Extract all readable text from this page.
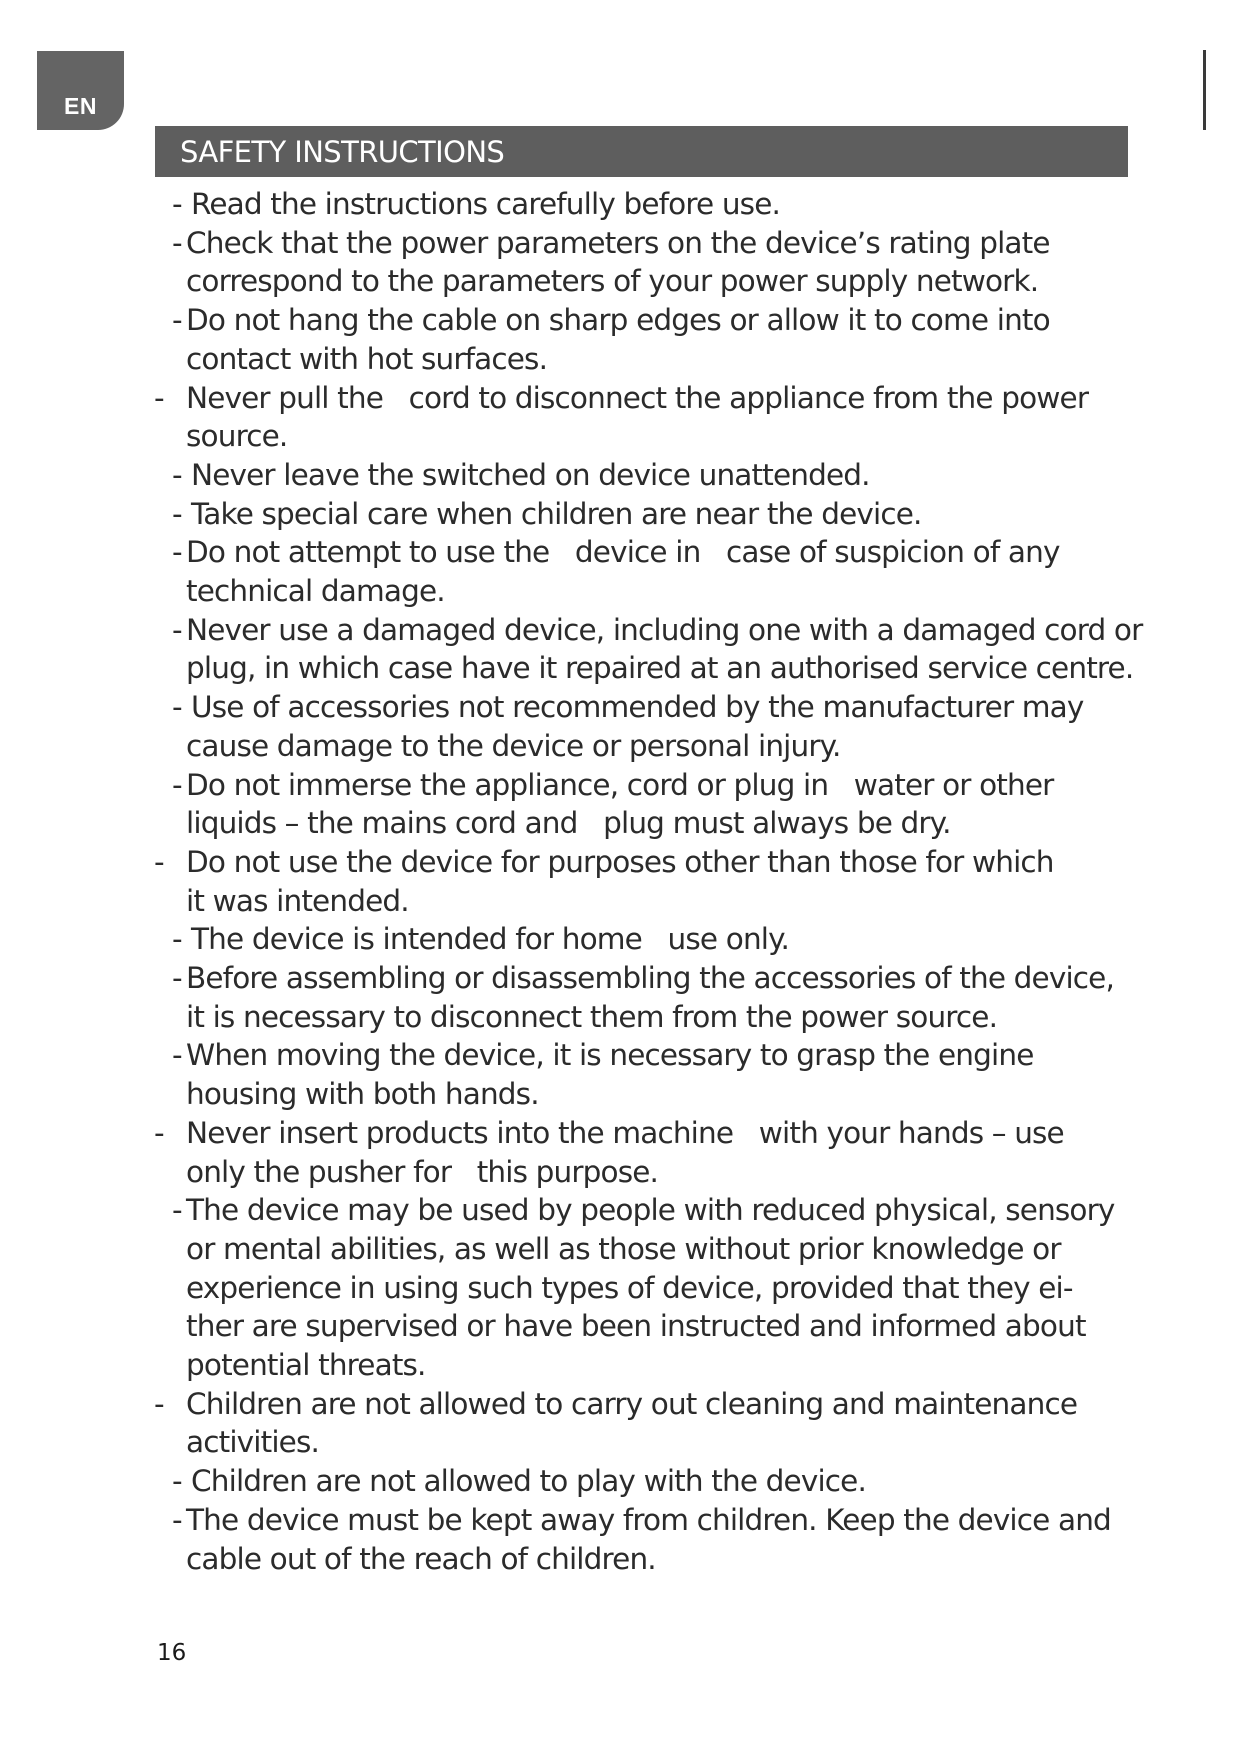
EN
SAFETY INSTRUCTIONS
- Read the instructions carefully before use.
- Check that the power parameters on the device’s rating plate
correspond to the parameters of your power supply network.
- Do not hang the cable on sharp edges or allow it to come into
contact with hot surfaces.
- Never pull the   cord to disconnect the appliance from the power
source.
- Never leave the switched on device unattended.
- Take special care when children are near the device.
- Do not attempt to use the   device in   case of suspicion of any
technical damage.
- Never use a damaged device, including one with a damaged cord or
plug, in which case have it repaired at an authorised service centre.
- Use of accessories not recommended by the manufacturer may
cause damage to the device or personal injury.
- Do not immerse the appliance, cord or plug in   water or other
liquids – the mains cord and   plug must always be dry.
- Do not use the device for purposes other than those for which
it was intended.
- The device is intended for home   use only.
- Before assembling or disassembling the accessories of the device,
it is necessary to disconnect them from the power source.
- When moving the device, it is necessary to grasp the engine
housing with both hands.
- Never insert products into the machine   with your hands – use
only the pusher for   this purpose.
- The device may be used by people with reduced physical, sensory
or mental abilities, as well as those without prior knowledge or
experience in using such types of device, provided that they ei-
ther are supervised or have been instructed and informed about
potential threats.
- Children are not allowed to carry out cleaning and maintenance
activities.
- Children are not allowed to play with the device.
- The device must be kept away from children. Keep the device and
cable out of the reach of children.
16
